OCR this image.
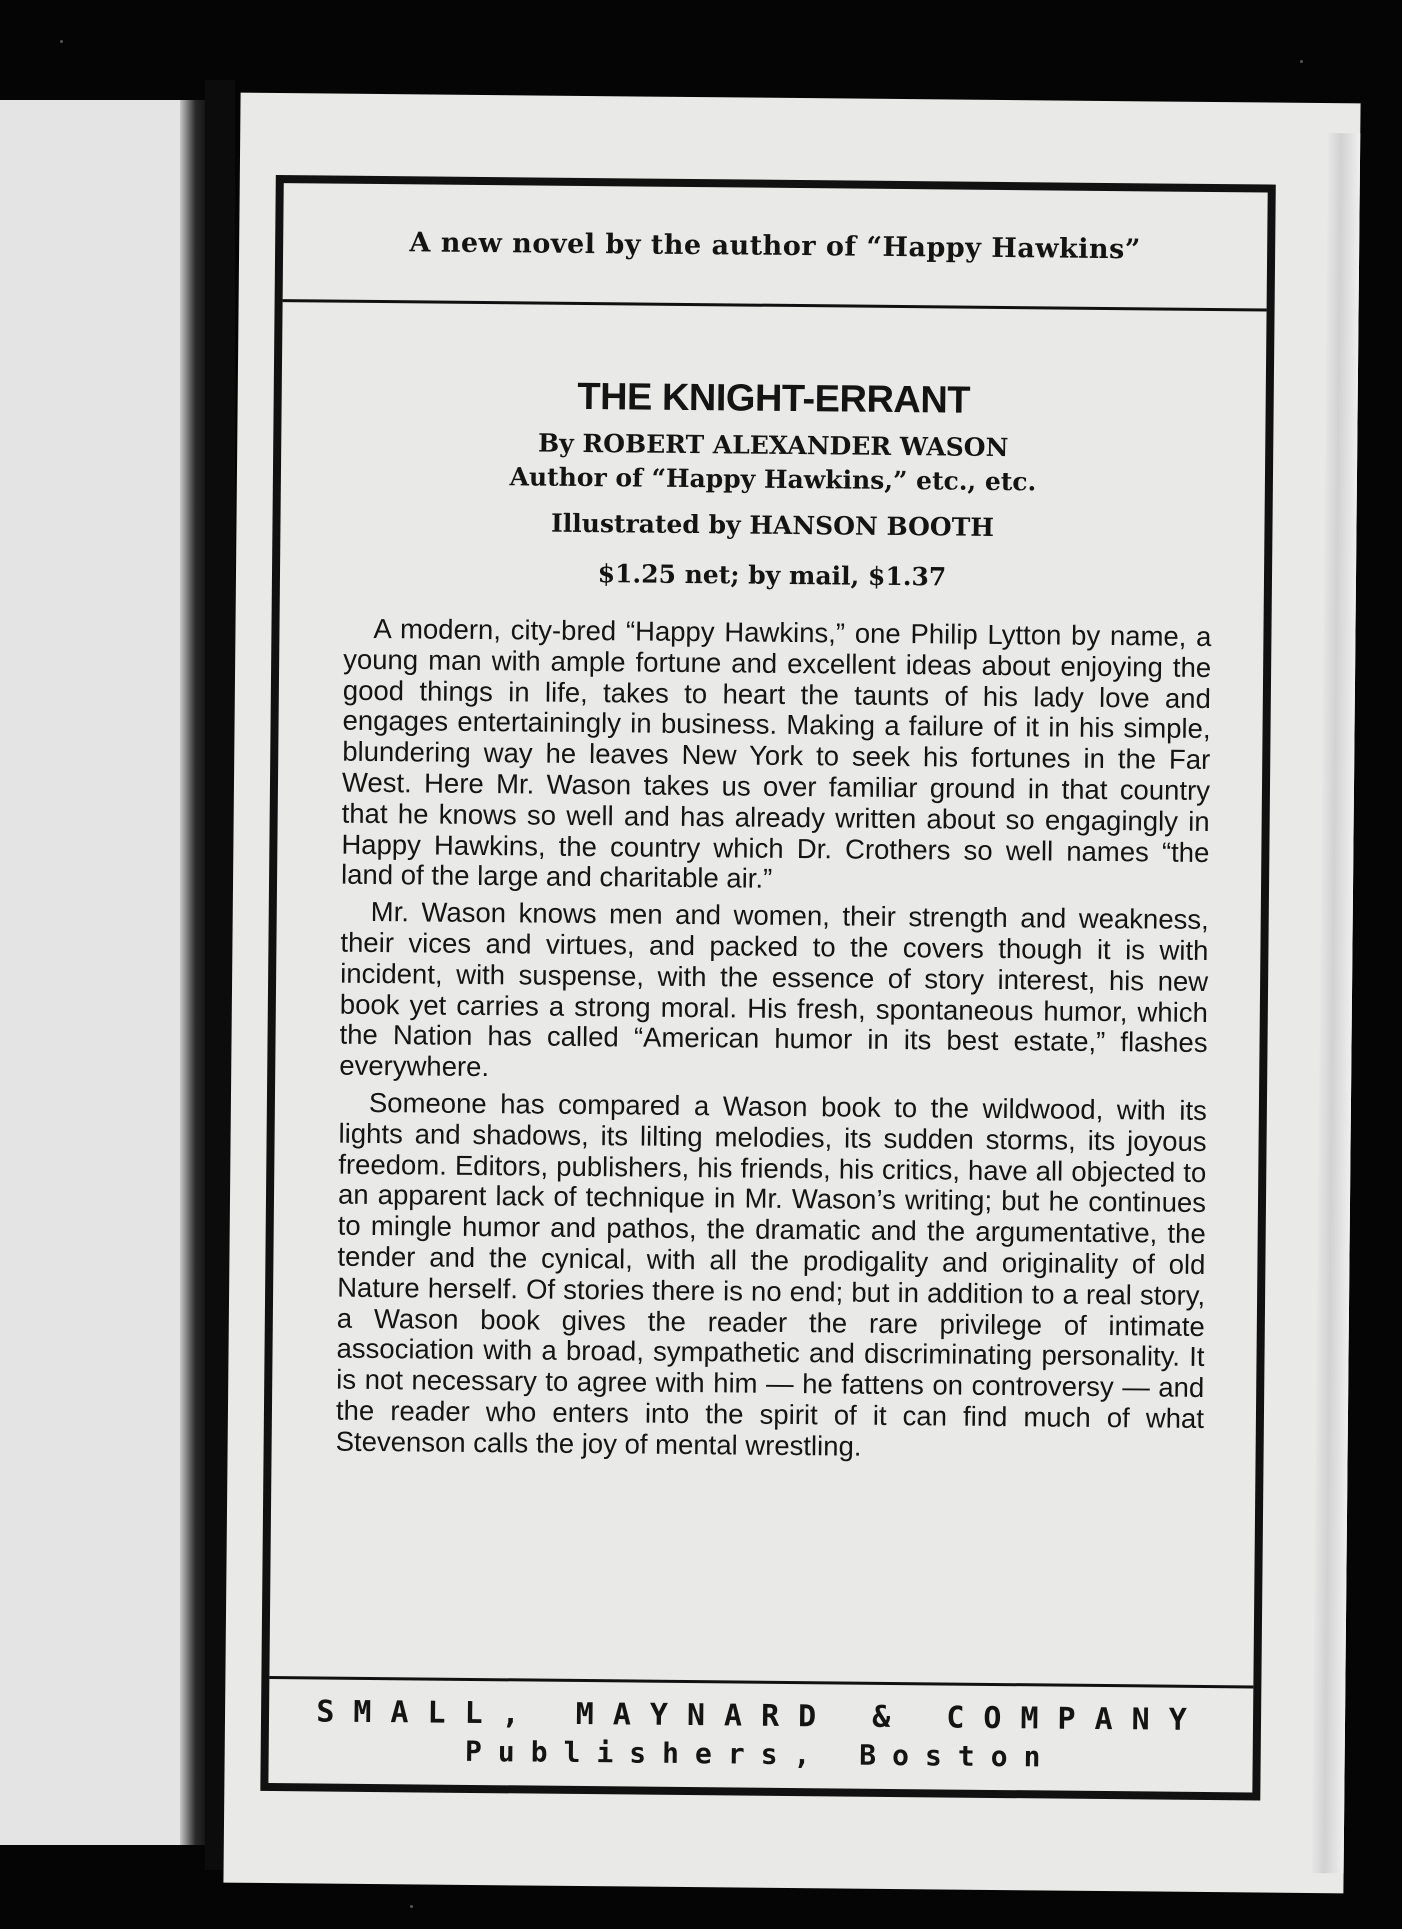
A new novel by the author of “Happy Hawkins”
THE KNIGHT-ERRANT

By ROBERT ALEXANDER WASON

Author of “Happy Hawkins,” etc., etc.

Illustrated by HANSON BOOTH

$1.25 net; by mail, $1.37

A modern, city-bred “Happy Hawkins,” one Philip Lytton by name, a young man with ample fortune and excellent ideas about enjoying the good things in life, takes to heart the taunts of his lady love and engages entertainingly in business. Making a failure of it in his simple, blundering way he leaves New York to seek his fortunes in the Far West. Here Mr. Wason takes us over familiar ground in that country that he knows so well and has already written about so engagingly in Happy Hawkins, the country which Dr. Crothers so well names “the land of the large and charitable air.”

Mr. Wason knows men and women, their strength and weakness, their vices and virtues, and packed to the covers though it is with incident, with suspense, with the essence of story interest, his new book yet carries a strong moral. His fresh, spontaneous humor, which the Nation has called “American humor in its best estate,” flashes everywhere.

Someone has compared a Wason book to the wildwood, with its lights and shadows, its lilting melodies, its sudden storms, its joyous freedom. Editors, publishers, his friends, his critics, have all objected to an apparent lack of technique in Mr. Wason’s writing; but he continues to mingle humor and pathos, the dramatic and the argumentative, the tender and the cynical, with all the prodigality and originality of old Nature herself. Of stories there is no end; but in addition to a real story, a Wason book gives the reader the rare privilege of intimate association with a broad, sympathetic and discriminating personality. It is not necessary to agree with him — he fattens on controversy — and the reader who enters into the spirit of it can find much of what Stevenson calls the joy of mental wrestling.

SMALL, MAYNARD & COMPANY

Publishers, Boston
